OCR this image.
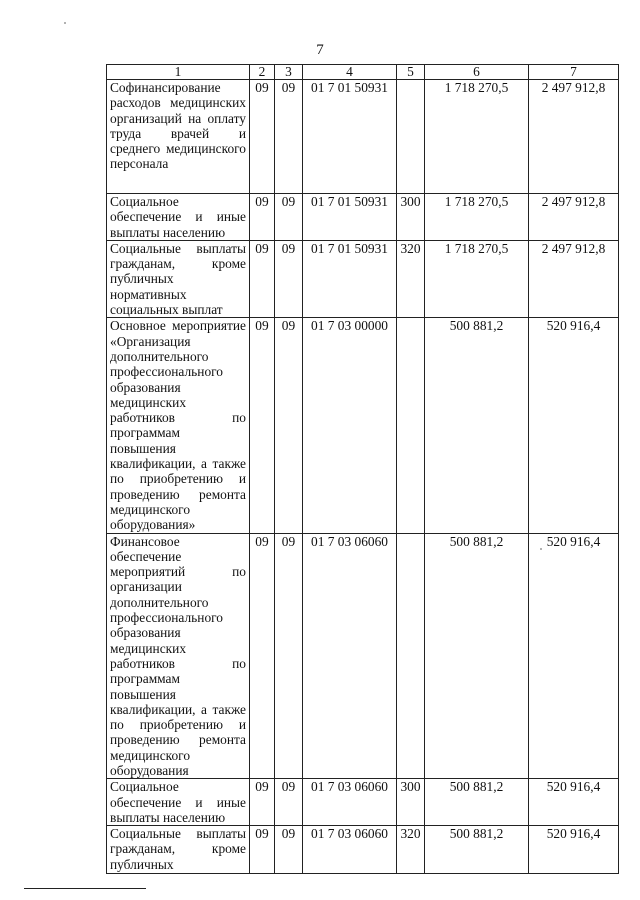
7
1	2	3	4	5	6	7
Софинансирование расходов медицинских организаций на оплату труда врачей и среднего медицинского персонала	09	09	01 7 01 50931		1 718 270,5	2 497 912,8
Социальное обеспечение и иные выплаты населению	09	09	01 7 01 50931	300	1 718 270,5	2 497 912,8
Социальные выплаты гражданам, кроме публичных нормативных социальных выплат	09	09	01 7 01 50931	320	1 718 270,5	2 497 912,8
Основное мероприятие «Организация дополнительного профессионального образования медицинских работников по программам повышения квалификации, а также по приобретению и проведению ремонта медицинского оборудования»	09	09	01 7 03 00000		500 881,2	520 916,4
Финансовое обеспечение мероприятий по организации дополнительного профессионального образования медицинских работников по программам повышения квалификации, а также по приобретению и проведению ремонта медицинского оборудования	09	09	01 7 03 06060		500 881,2	520 916,4
Социальное обеспечение и иные выплаты населению	09	09	01 7 03 06060	300	500 881,2	520 916,4
Социальные выплаты гражданам, кроме публичных	09	09	01 7 03 06060	320	500 881,2	520 916,4
